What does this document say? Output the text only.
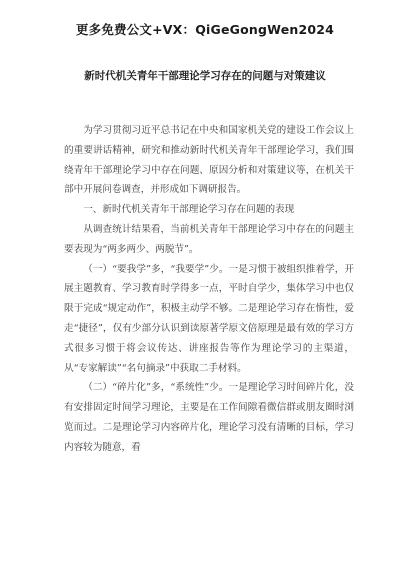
更多免费公文+VX：QiGeGongWen2024
新时代机关青年干部理论学习存在的问题与对策建议

为学习贯彻习近平总书记在中央和国家机关党的建设工作会议上的重要讲话精神，研究和推动新时代机关青年干部理论学习，我们围绕青年干部理论学习中存在问题、原因分析和对策建议等，在机关干部中开展问卷调查，并形成如下调研报告。

一、新时代机关青年干部理论学习存在问题的表现

从调查统计结果看，当前机关青年干部理论学习中存在的问题主要表现为“两多两少、两脱节”。

（一）“要我学”多，“我要学”少。一是习惯于被组织推着学，开展主题教育、学习教育时学得多一点，平时自学少，集体学习中也仅限于完成“规定动作”，积极主动学不够。二是理论学习存在惰性，爱走“捷径”，仅有少部分认识到读原著学原文倍原理是最有效的学习方式很多习惯于将会议传达、讲座报告等作为理论学习的主渠道，从“专家解读”“名句摘录”中获取二手材料。

（二）“碎片化”多，“系统性”少。一是理论学习时间碎片化，没有安排固定时间学习理论，主要是在工作间隙看微信群或朋友圈时浏览而过。二是理论学习内容碎片化，理论学习没有清晰的目标，学习内容较为随意，看
